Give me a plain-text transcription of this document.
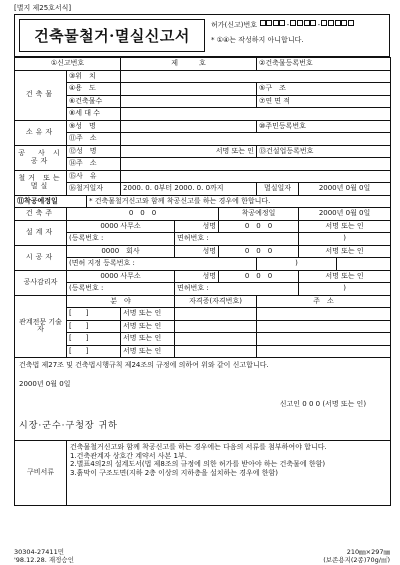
[별지 제25호서식]
건축물철거·멸실신고서
허가(신고)번호	-	-
* ①④는 작성하지 아니합니다.
①신고번호			제　　　호			②건축물등록번호	
건축물	③위　치						
	④용　도					⑤구　조	
	⑥건축물수					⑦연 면 적	
	⑧세 대 수						
소유자	⑨성　명					⑩주민등록번호	
	⑪주　소						
공　사 시공자	⑫성　명		서명 또는 인			⑬건설업등록번호	
	⑭주　소						
철거 또는 멸실	⑮사　유						
	⑯철거일자		2000. 0. 0부터 2000. 0. 0까지			멸실일자	2000년 0월 0일
⑪착공예정일		* 건축물철거신고와 함께 착공신고를 하는 경우에 한합니다.					
건축주	0　0　0				착공예정일		2000년 0월 0일
설계자	0000 사무소			성명	0　0　0		서명 또는 인
	(등록번호 :			면허번호 :			)
시공자	0000　회사			성명	0　0　0		서명 또는 인
	(면허 지정 등록번호 :					)	
공사감리자	0000 사무소			성명	0　0　0		서명 또는 인
	(등록번호 :			면허번호 :			)
관계전문 기술자	분　야			자격증(자격번호)		주　소	
	[　　]		서명 또는 인				
	[　　]		서명 또는 인				
	[　　]		서명 또는 인				
	[　　]		서명 또는 인				

건축법 제27조 및 건축법시행규칙 제24조의 규정에 의하여 위와 같이 신고합니다.
2000년 0월 0일
신고인 0 0 0 (서명 또는 인)
시장·군수·구청장 귀하							

구비서류	건축물철거신고와 함께 착공신고를 하는 경우에는 다음의 서류를 첨부하여야 합니다.
1.건축관계자 상호간 계약서 사본 1부.
2.별표4의2의 설계도서(법 제8조의 규정에 의한 허가를 받아야 하는 건축물에 한함)
3.흙막이 구조도면(지하 2층 이상의 지하층을 설치하는 경우에 한함)						
30304-27411민
'98.12.28. 재정승인
210㎜×297㎜
(보존용지(2종)70g/㎡)
